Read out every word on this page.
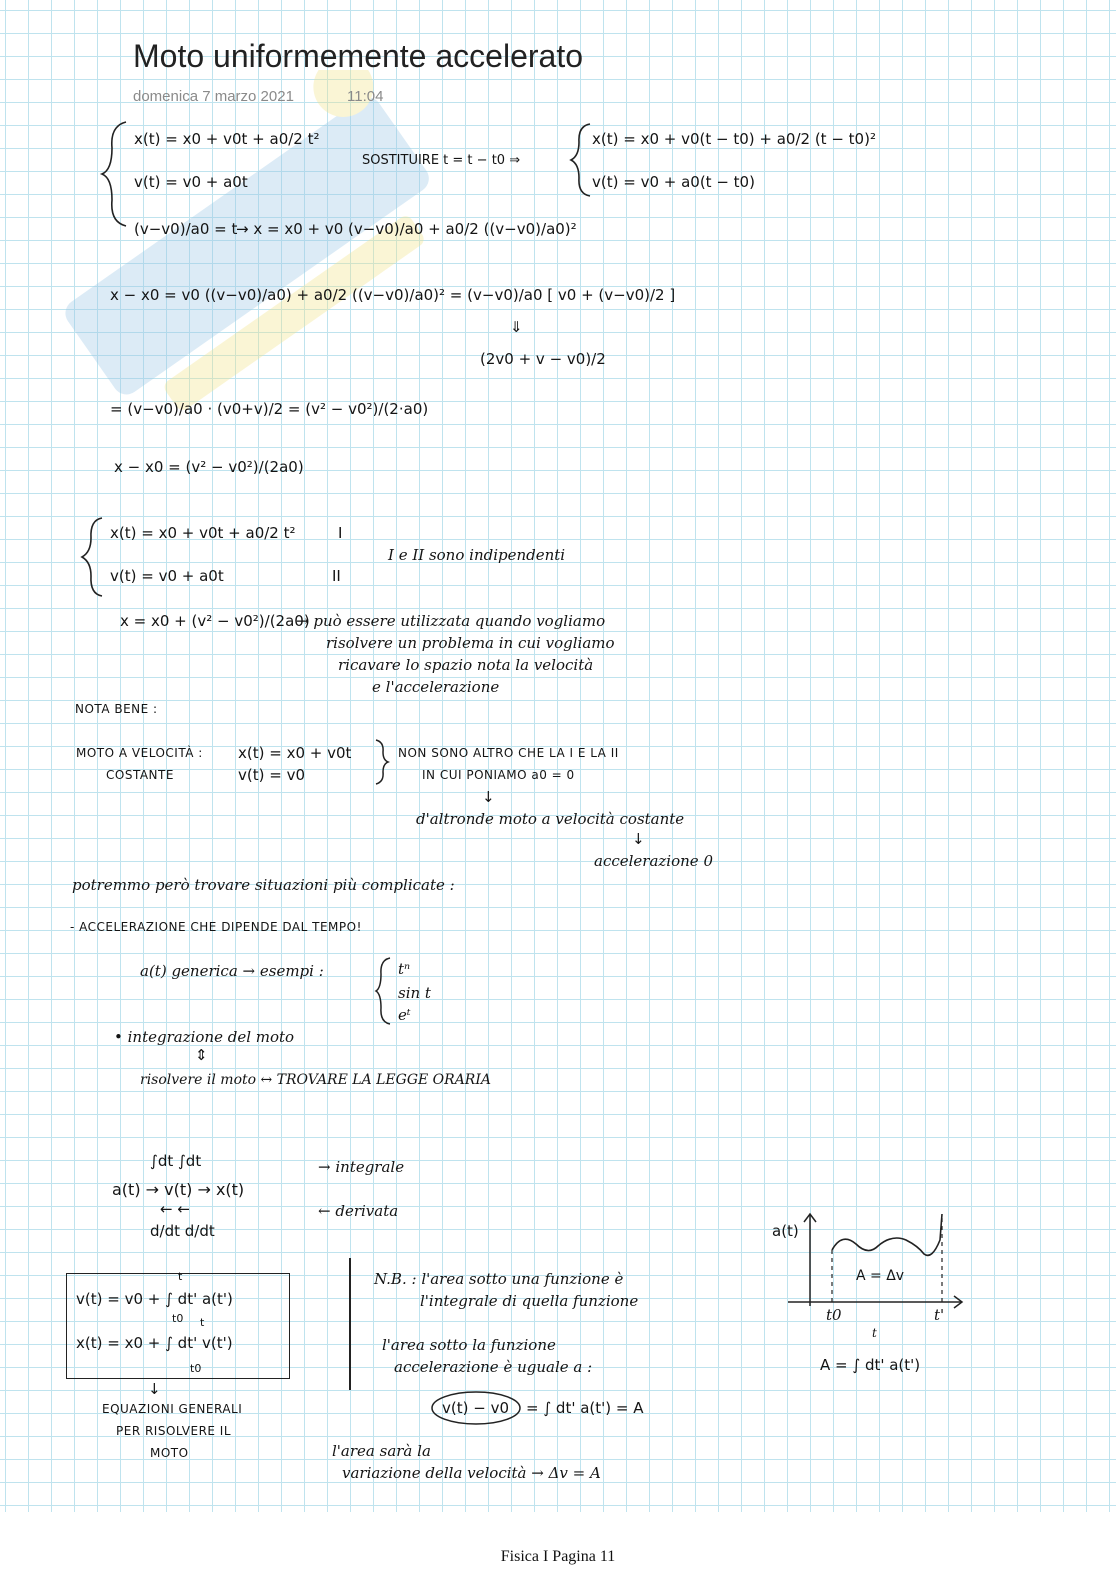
Moto uniformemente accelerato
domenica 7 marzo 2021	11:04
x(t) = x0 + v0t + a0/2 t²
v(t) = v0 + a0t
(v−v0)/a0 = t
→ x = x0 + v0 (v−v0)/a0 + a0/2 ((v−v0)/a0)²
SOSTITUIRE t = t − t0 ⇒
x(t) = x0 + v0(t − t0) + a0/2 (t − t0)²
v(t) = v0 + a0(t − t0)
x − x0 = v0 ((v−v0)/a0) + a0/2 ((v−v0)/a0)² = (v−v0)/a0 [ v0 + (v−v0)/2 ]
⇓
(2v0 + v − v0)/2
= (v−v0)/a0 · (v0+v)/2 = (v² − v0²)/(2·a0)
x − x0 = (v² − v0²)/(2a0)
x(t) = x0 + v0t + a0/2 t²	I
v(t) = v0 + a0t	II
I e II sono indipendenti
x = x0 + (v² − v0²)/(2a0)
→ può essere utilizzata quando vogliamo
risolvere un problema in cui vogliamo
ricavare lo spazio nota la velocità
e l'accelerazione
NOTA BENE :
MOTO A VELOCITÀ :
COSTANTE
x(t) = x0 + v0t
v(t) = v0
NON SONO ALTRO CHE LA I E LA II
IN CUI PONIAMO a0 = 0
↓
d'altronde moto a velocità costante
↓
accelerazione 0
potremmo però trovare situazioni più complicate :
- ACCELERAZIONE CHE DIPENDE DAL TEMPO!
a(t) generica → esempi :	tⁿ
sin t
eᵗ
• integrazione del moto
⇕
risolvere il moto ↔ TROVARE LA LEGGE ORARIA
∫dt ∫dt
a(t) → v(t) → x(t)
← ←
d/dt d/dt
→ integrale
← derivata
v(t) = v0 + ∫ dt' a(t')
x(t) = x0 + ∫ dt' v(t')
t
t0 t
t0
↓
EQUAZIONI GENERALI
PER RISOLVERE IL
MOTO
N.B. : l'area sotto una funzione è
l'integrale di quella funzione
l'area sotto la funzione
accelerazione è uguale a :
v(t) − v0 = ∫ dt' a(t') = A
l'area sarà la
variazione della velocità → Δv = A
a(t)
A = Δv
t0	t'
t
A = ∫ dt' a(t')
Fisica I Pagina 11
